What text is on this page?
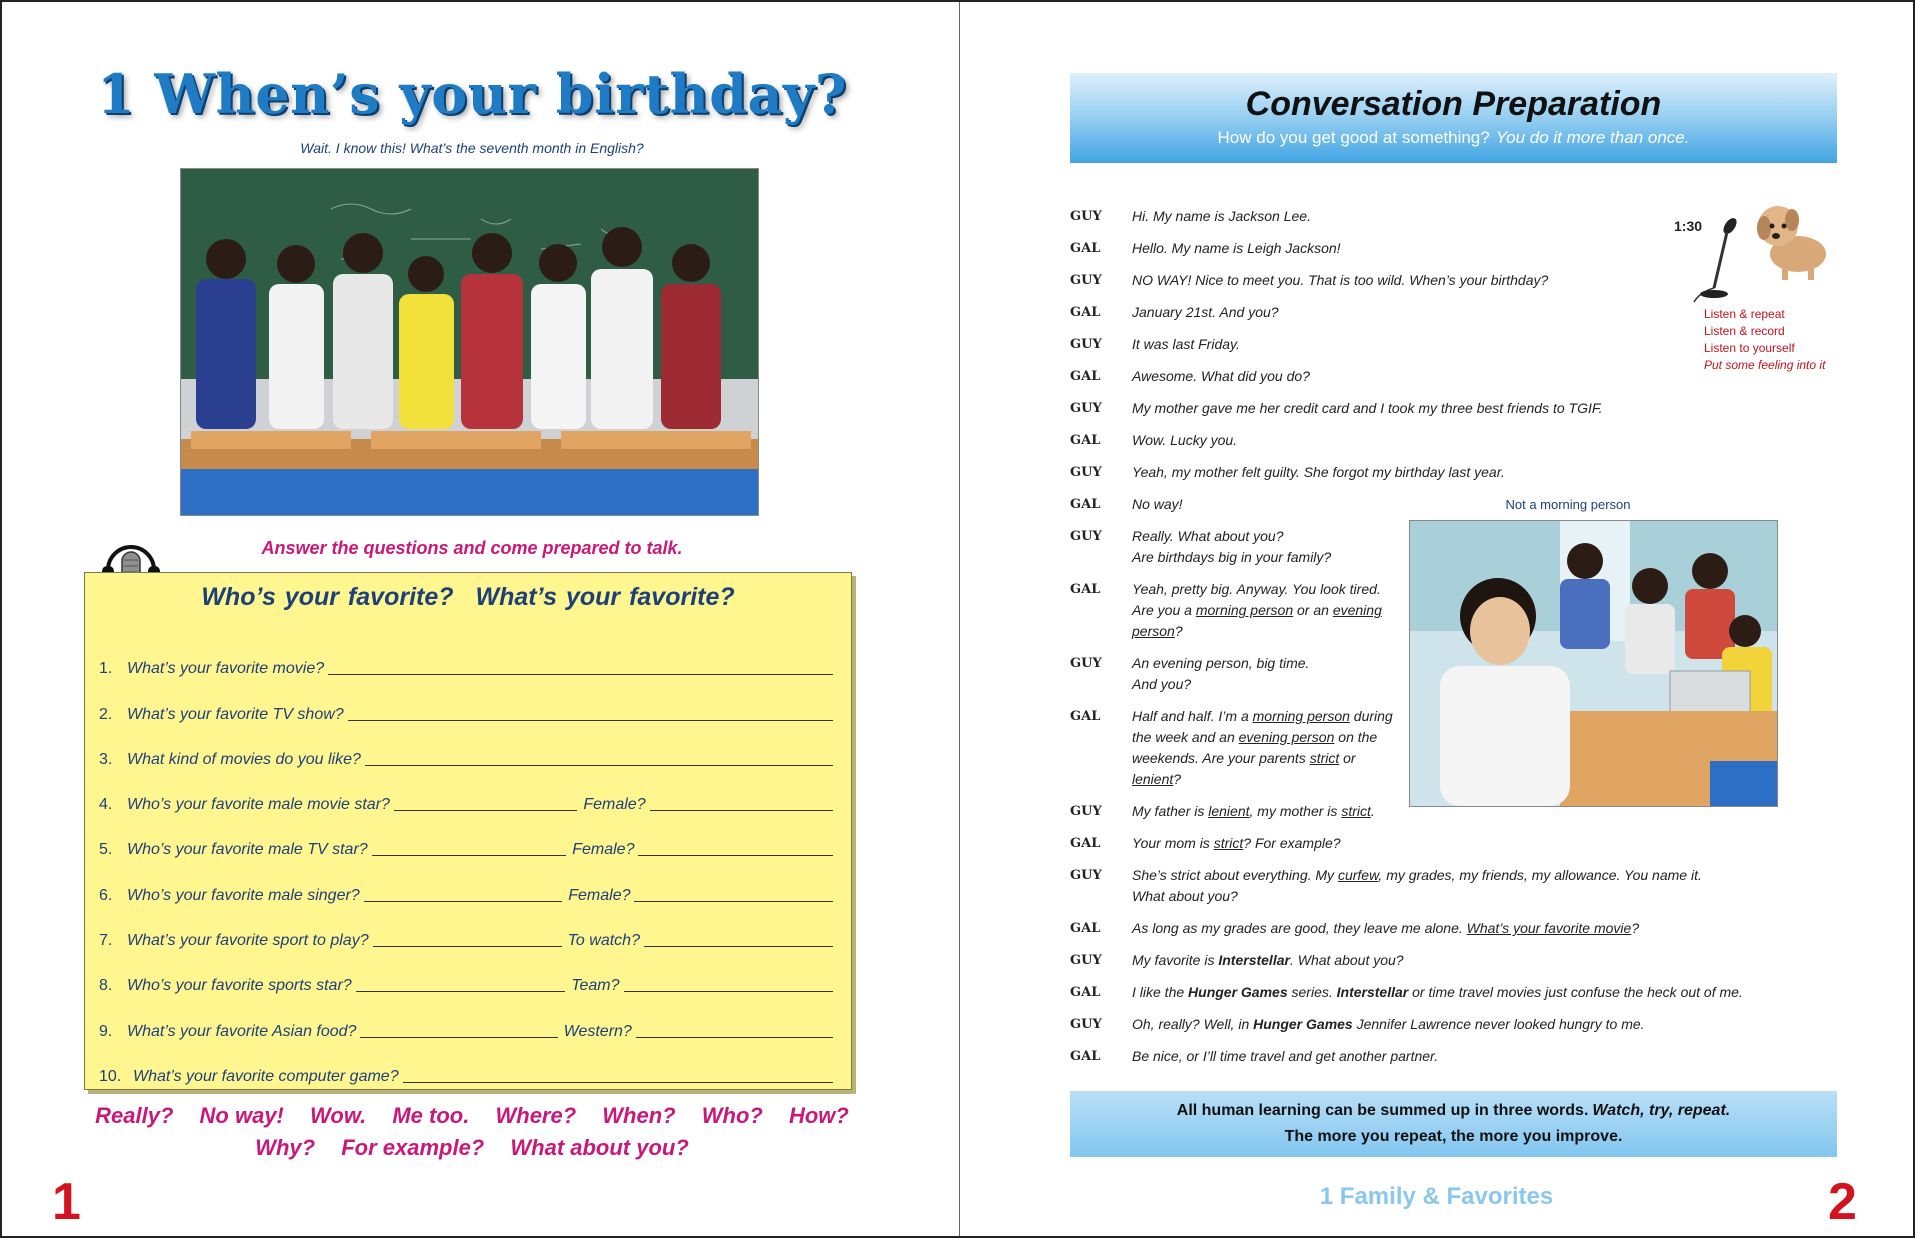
1 When’s your birthday?
Wait. I know this! What’s the seventh month in English?
Answer the questions and come prepared to talk.
Who’s your favorite? What’s your favorite?
1. What’s your favorite movie?
2. What’s your favorite TV show?
3. What kind of movies do you like?
4. Who’s your favorite male movie star?	Female?
5. Who’s your favorite male TV star?	Female?
6. Who’s your favorite male singer?	Female?
7. What’s your favorite sport to play?	To watch?
8. Who’s your favorite sports star?	Team?
9. What’s your favorite Asian food?	Western?
10. What’s your favorite computer game?
Really? No way! Wow. Me too. Where? When? Who? How?
Why? For example? What about you?
1
Conversation Preparation
How do you get good at something? You do it more than once.
GUY	Hi. My name is Jackson Lee.
GAL	Hello. My name is Leigh Jackson!
GUY	NO WAY! Nice to meet you. That is too wild. When’s your birthday?
GAL	January 21st. And you?
GUY	It was last Friday.
GAL	Awesome. What did you do?
GUY	My mother gave me her credit card and I took my three best friends to TGIF.
GAL	Wow. Lucky you.
GUY	Yeah, my mother felt guilty. She forgot my birthday last year.
GAL	No way!
GUY	Really. What about you?
Are birthdays big in your family?
GAL	Yeah, pretty big. Anyway. You look tired. Are you a morning person or an evening person?
GUY	An evening person, big time.
And you?
GAL	Half and half. I’m a morning person during the week and an evening person on the weekends. Are your parents strict or lenient?
GUY	My father is lenient, my mother is strict.
GAL	Your mom is strict? For example?
GUY	She’s strict about everything. My curfew, my grades, my friends, my allowance. You name it.
What about you?
GAL	As long as my grades are good, they leave me alone. What’s your favorite movie?
GUY	My favorite is Interstellar. What about you?
GAL	I like the Hunger Games series. Interstellar or time travel movies just confuse the heck out of me.
GUY	Oh, really? Well, in Hunger Games Jennifer Lawrence never looked hungry to me.
GAL	Be nice, or I’ll time travel and get another partner.
1:30
Listen & repeat
Listen & record
Listen to yourself
Put some feeling into it
Not a morning person
All human learning can be summed up in three words. Watch, try, repeat.
The more you repeat, the more you improve.
1 Family & Favorites	2
